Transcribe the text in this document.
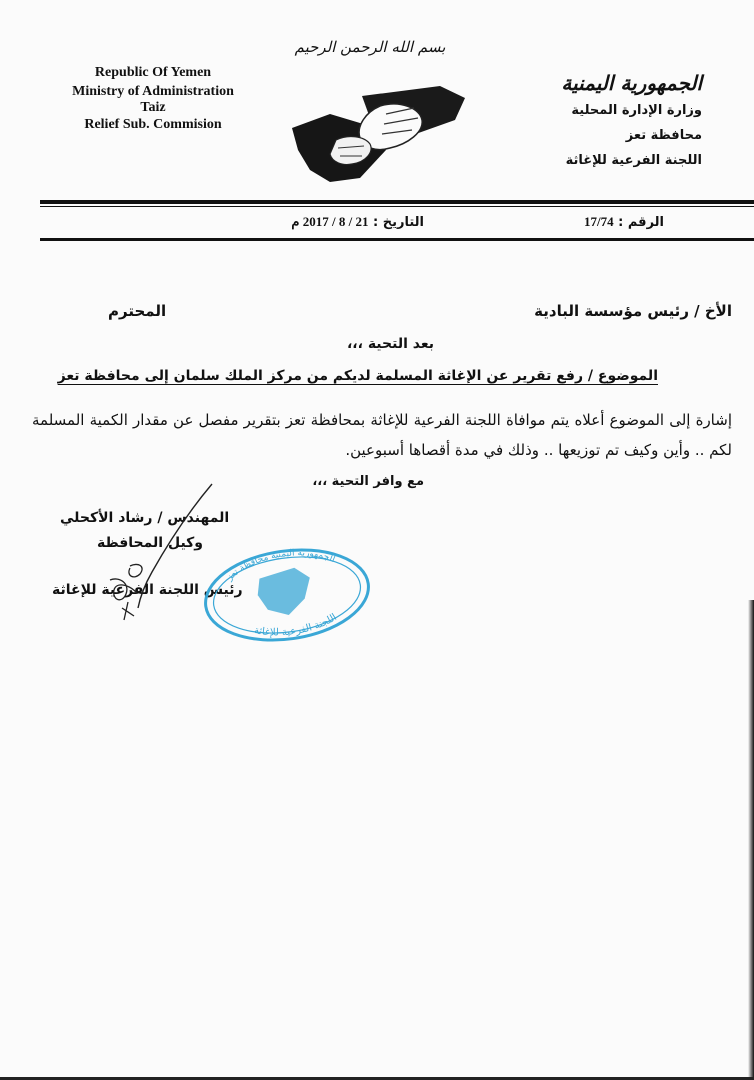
Republic Of Yemen
Ministry of Administration
Taiz
Relief Sub. Commision
بسم الله الرحمن الرحيم
الجمهورية اليمنية
وزارة الإدارة المحلية
محافظة تعز
اللجنة الفرعية للإغاثة
الرقم : 17/74
التاريخ : 21 / 8 / 2017 م
الأخ / رئيس مؤسسة البادية
المحترم
بعد التحية ،،،
الموضوع / رفع تقرير عن الإغاثة المسلمة لديكم من مركز الملك سلمان إلى محافظة تعز
إشارة إلى الموضوع أعلاه يتم موافاة اللجنة الفرعية للإغاثة بمحافظة تعز بتقرير مفصل عن مقدار الكمية المسلمة لكم .. وأين وكيف تم توزيعها .. وذلك في مدة أقصاها أسبوعين.
مع وافر التحية ،،،
المهندس / رشاد الأكحلي
وكيل المحافظة
رئيس اللجنة الفرعية للإغاثة
الجمهورية اليمنية محافظة تعز
اللجنة الفرعية للإغاثة
